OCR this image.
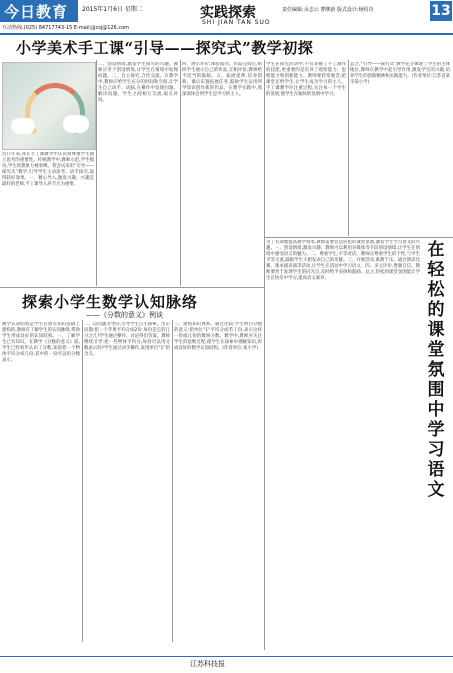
今日教育 2015年1月6日 星期二
互动热线:(025) 84717743-15 E-mail:jjjcsj@126.com
实践探索
SHI JIAN TAN SUO
责任编辑:余志云 曹继新 版式设计:杨绍奇	13
小学美术手工课“引导——探究式”教学初探
近几年来,我在手工课教学中认识到尊重学生独立思考的重要性。传统教学中,教师示范,学生模仿,学生的想象力被束缚。我尝试采用“引导——探究式”教学,引导学生主动思考、动手探究,取得较好效果。一、精心导入,激发兴趣。兴趣是最好的老师,手工课导入环节尤为重要。
二、创设情境,激发学生探究的兴趣。教师应善于创设情境,让学生在情境中发现问题。三、自主探究,合作交流。在教学中,教师应给学生充分的时间和空间,让学生自己动手、动脑,在操作中发现问题、解决问题。学生之间相互交流,取长补短。
四、展示评价,体验成功。作品完成后,组织学生展示自己的作品,互相评价,教师给予适当的鼓励。五、拓展延伸,培养创新。课后布置拓展任务,鼓励学生运用所学知识创作新的作品。在教学实践中,我深深体会到学生是学习的主人。
学生在探究活动中,不仅掌握了手工制作的技能,更重要的是培养了观察能力、思维能力和创新能力。教师要转变观念,把课堂还给学生,让学生成为学习的主人。手工课教学应注重过程,关注每一个学生的发展,使学生在愉快的氛围中学习。
总之,“引导——探究式”教学充分体现了学生的主体地位,教师在教学中起引导作用,激发学生的兴趣,培养学生的创新精神和实践能力。(作者单位:江苏省某市某小学)
探索小学生数学认知脉络
——《分数的意义》例谈
数学认知结构是学生在原有知识基础上建构的,教师应了解学生的认知脉络,帮助学生形成良好的认知结构。一、了解学生已有知识。在教学《分数的意义》前,学生已经初步认识了分数,知道把一个物体平均分成几份,其中的一份可以用分数表示。
二、以问题为导向,引导学生自主探索。出示问题:把一个苹果平均分成2份,每份是它的几分之几?学生通过操作、讨论得出答案。教师继续引导:把一些物体平均分,每份可以用分数表示吗?学生通过动手操作,发现单位“1”的含义。
三、建构知识体系。通过比较,学生明白分数的意义:把单位“1”平均分成若干份,表示这样一份或几份的数叫分数。教学中,教师应关注学生的思维过程,使学生在探索中理解知识,形成良好的数学认知结构。(作者单位:某小学)
为了有效地提高教学效率,教师需要营造轻松的课堂氛围,激发学生学习语文的兴趣。一、创设情境,激发兴趣。教师可以利用多媒体等手段创设情境,让学生在情境中感受语言的魅力。二、尊重学生,平等对话。教师应尊重学生的个性,与学生平等交流,鼓励学生大胆发表自己的见解。三、开展活动,寓教于乐。通过朗读比赛、课本剧表演等活动,让学生在活动中学习语文。四、多元评价,增强自信。教师要善于发现学生的闪光点,及时给予表扬和鼓励。总之,轻松的课堂氛围能让学生在快乐中学习,提高语文素养。
在轻松的课堂氛围中学习语文
江苏科技报
